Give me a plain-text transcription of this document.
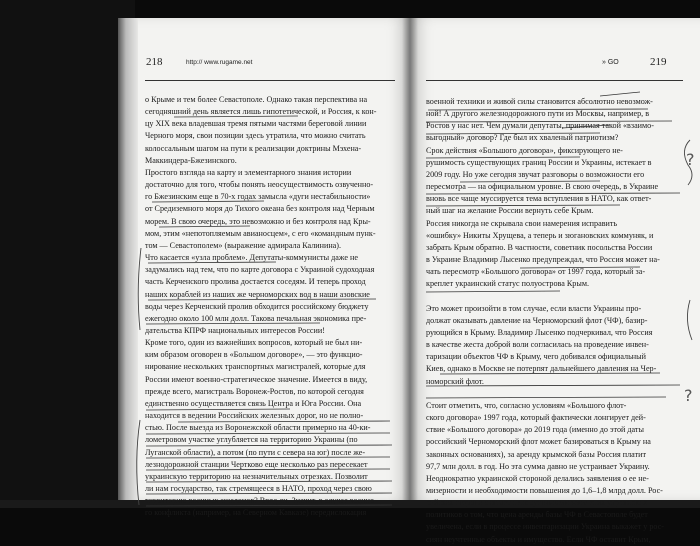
218	http:// www.rugame.net	» GO	219
о Крыме и тем более Севастополе. Однако такая перспектива на
сегодняшний день является лишь гипотетической, и Россия, к кон-
цу XIX века владевшая тремя пятыми частями береговой линии
Черного моря, свои позиции здесь утратила, что можно считать
колоссальным шагом на пути к реализации доктрины Мэхена-
Маккиндера-Бжезинского.
Простого взгляда на карту и элементарного знания истории
достаточно для того, чтобы понять неосуществимость озвученно-
го Бжезинским еще в 70-х годах замысла «дуги нестабильности»
от Средиземного моря до Тихого океана без контроля над Черным
морем. В свою очередь, это невозможно и без контроля над Кры-
мом, этим «непотопляемым авианосцем», с его «командным пунк-
том — Севастополем» (выражение адмирала Калинина).
Что касается «узла проблем». Депутаты-коммунисты даже не
задумались над тем, что по карте договора с Украиной судоходная
часть Керченского пролива достается соседям. И теперь проход
наших кораблей из наших же черноморских вод в наши азовские
воды через Керченский пролив обходится российскому бюджету
ежегодно около 100 млн долл. Такова печальная экономика пре-
дательства КПРФ национальных интересов России!
Кроме того, один из важнейших вопросов, который не был ни-
ким образом оговорен в «Большом договоре», — это функцио-
нирование нескольких транспортных магистралей, которые для
России имеют военно-стратегическое значение. Имеется в виду,
прежде всего, магистраль Воронеж-Ростов, по которой сегодня
единственно осуществляется связь Центра и Юга России. Она
находится в ведении Российских железных дорог, но не полно-
стью. После выезда из Воронежской области примерно на 40-ки-
лометровом участке углубляется на территорию Украины (по
Луганской области), а потом (по пути с севера на юг) после же-
лезнодорожной станции Чертково еще несколько раз пересекает
украинскую территорию на незначительных отрезках. Позволит
ли нам государство, так стремящееся в НАТО, проход через свою
территорию военных эшелонов? Вряд ли. Значит, в случае военно-
го конфликта (например, на Северном Кавказе) передислокация
военной техники и живой силы становится абсолютно невозмож-
ной! А другого железнодорожного пути из Москвы, например, в
Ростов у нас нет. Чем думали депутаты, принимая такой «взаимо-
выгодный» договор? Где был их хваленый патриотизм?
Срок действия «Большого договора», фиксирующего не-
рушимость существующих границ России и Украины, истекает в
2009 году. Но уже сегодня звучат разговоры о возможности его
пересмотра — на официальном уровне. В свою очередь, в Украине
вновь все чаще муссируется тема вступления в НАТО, как ответ-
ный шаг на желание России вернуть себе Крым.
Россия никогда не скрывала свои намерения исправить
«ошибку» Никиты Хрущева, а теперь и зюгановских коммуняк, и
забрать Крым обратно. В частности, советник посольства России
в Украине Владимир Лысенко предупреждал, что Россия может на-
чать пересмотр «Большого договора» от 1997 года, который за-
креплет украинский статус полуострова Крым.
Это может произойти в том случае, если власти Украины про-
должат оказывать давление на Черноморский флот (ЧФ), базир-
рующийся в Крыму. Владимир Лысенко подчеркивал, что Россия
в качестве жеста доброй воли согласилась на проведение инвен-
таризации объектов ЧФ в Крыму, чего добивался официальный
Киев, однако в Москве не потерпят дальнейшего давления на Чер-
номорский флот.
Стоит отметить, что, согласно условиям «Большого флот-
ского договора» 1997 года, который фактически лонгирует дей-
ствие «Большого договора» до 2019 года (именно до этой даты
российский Черноморский флот может базироваться в Крыму на
законных основаниях), за аренду крымской базы Россия платит
97,7 млн долл. в год. Но эта сумма давно не устраивает Украину.
Неоднократно украинской стороной делались заявления о ее не-
мизерности и необходимости повышения до 1,6–1,8 млрд долл. Рос-
сийская сторона считает недопустимыми заявления украинских
политиков о том, что цена аренды базы ЧФ в Севастополе будет
увеличена, если в процессе инвентаризации Украина выкажет у рос-
сиян неучтенные объекты и имущество. Если ЧФ оставит Крым,
?
?
